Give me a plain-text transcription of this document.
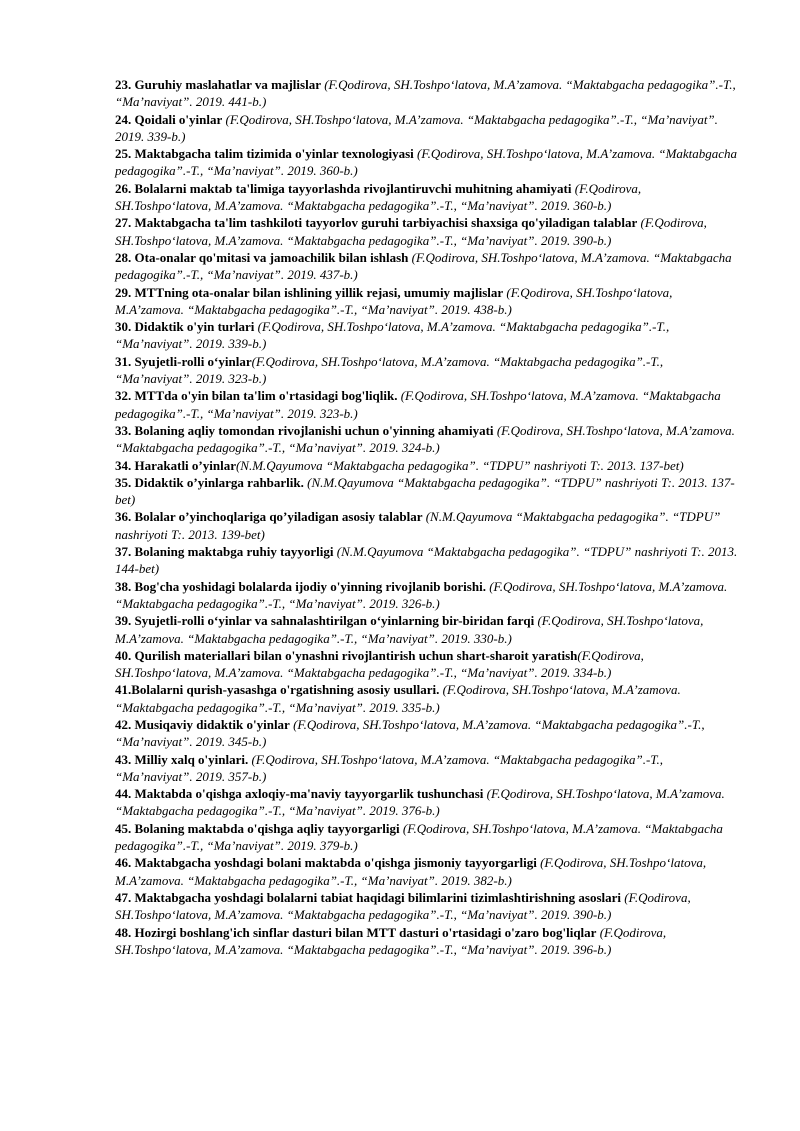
23. Guruhiy maslahatlar va majlislar (F.Qodirova, SH.Toshpo‘latova, M.A’zamova. “Maktabgacha pedagogika”.-T., “Ma’naviyat”. 2019. 441-b.)

24. Qoidali o'yinlar (F.Qodirova, SH.Toshpo‘latova, M.A’zamova. “Maktabgacha pedagogika”.-T., “Ma’naviyat”. 2019. 339-b.)

25. Maktabgacha talim tizimida o'yinlar texnologiyasi (F.Qodirova, SH.Toshpo‘latova, M.A’zamova. “Maktabgacha pedagogika”.-T., “Ma’naviyat”. 2019. 360-b.)

26. Bolalarni maktab ta'limiga tayyorlashda rivojlantiruvchi muhitning ahamiyati (F.Qodirova, SH.Toshpo‘latova, M.A’zamova. “Maktabgacha pedagogika”.-T., “Ma’naviyat”. 2019. 360-b.)

27. Maktabgacha ta'lim tashkiloti tayyorlov guruhi tarbiyachisi shaxsiga qo'yiladigan talablar (F.Qodirova, SH.Toshpo‘latova, M.A’zamova. “Maktabgacha pedagogika”.-T., “Ma’naviyat”. 2019. 390-b.)

28. Ota-onalar qo'mitasi va jamoachilik bilan ishlash (F.Qodirova, SH.Toshpo‘latova, M.A’zamova. “Maktabgacha pedagogika”.-T., “Ma’naviyat”. 2019. 437-b.)

29. MTTning ota-onalar bilan ishlining yillik rejasi, umumiy majlislar (F.Qodirova, SH.Toshpo‘latova, M.A’zamova. “Maktabgacha pedagogika”.-T., “Ma’naviyat”. 2019. 438-b.)

30. Didaktik o'yin turlari (F.Qodirova, SH.Toshpo‘latova, M.A’zamova. “Maktabgacha pedagogika”.-T., “Ma’naviyat”. 2019. 339-b.)

31. Syujetli-rolli o‘yinlar(F.Qodirova, SH.Toshpo‘latova, M.A’zamova. “Maktabgacha pedagogika”.-T., “Ma’naviyat”. 2019. 323-b.)

32. MTTda o'yin bilan ta'lim o'rtasidagi bog'liqlik. (F.Qodirova, SH.Toshpo‘latova, M.A’zamova. “Maktabgacha pedagogika”.-T., “Ma’naviyat”. 2019. 323-b.)

33. Bolaning aqliy tomondan rivojlanishi uchun o'yinning ahamiyati (F.Qodirova, SH.Toshpo‘latova, M.A’zamova. “Maktabgacha pedagogika”.-T., “Ma’naviyat”. 2019. 324-b.)

34. Harakatli o’yinlar(N.M.Qayumova “Maktabgacha pedagogika”. “TDPU” nashriyoti T:. 2013. 137-bet)

35. Didaktik o’yinlarga rahbarlik. (N.M.Qayumova “Maktabgacha pedagogika”. “TDPU” nashriyoti T:. 2013. 137-bet)

36. Bolalar o’yinchoqlariga qo’yiladigan asosiy talablar (N.M.Qayumova “Maktabgacha pedagogika”. “TDPU” nashriyoti T:. 2013. 139-bet)

37. Bolaning maktabga ruhiy tayyorligi (N.M.Qayumova “Maktabgacha pedagogika”. “TDPU” nashriyoti T:. 2013. 144-bet)

38. Bog'cha yoshidagi bolalarda ijodiy o'yinning rivojlanib borishi. (F.Qodirova, SH.Toshpo‘latova, M.A’zamova. “Maktabgacha pedagogika”.-T., “Ma’naviyat”. 2019. 326-b.)

39. Syujetli-rolli o‘yinlar va sahnalashtirilgan o‘yinlarning bir-biridan farqi (F.Qodirova, SH.Toshpo‘latova, M.A’zamova. “Maktabgacha pedagogika”.-T., “Ma’naviyat”. 2019. 330-b.)

40. Qurilish materiallari bilan o'ynashni rivojlantirish uchun shart-sharoit yaratish(F.Qodirova, SH.Toshpo‘latova, M.A’zamova. “Maktabgacha pedagogika”.-T., “Ma’naviyat”. 2019. 334-b.)

41.Bolalarni qurish-yasashga o'rgatishning asosiy usullari. (F.Qodirova, SH.Toshpo‘latova, M.A’zamova. “Maktabgacha pedagogika”.-T., “Ma’naviyat”. 2019. 335-b.)

42. Musiqaviy didaktik o'yinlar (F.Qodirova, SH.Toshpo‘latova, M.A’zamova. “Maktabgacha pedagogika”.-T., “Ma’naviyat”. 2019. 345-b.)

43. Milliy xalq o'yinlari. (F.Qodirova, SH.Toshpo‘latova, M.A’zamova. “Maktabgacha pedagogika”.-T., “Ma’naviyat”. 2019. 357-b.)

44. Maktabda o'qishga axloqiy-ma'naviy tayyorgarlik tushunchasi (F.Qodirova, SH.Toshpo‘latova, M.A’zamova. “Maktabgacha pedagogika”.-T., “Ma’naviyat”. 2019. 376-b.)

45. Bolaning maktabda o'qishga aqliy tayyorgarligi (F.Qodirova, SH.Toshpo‘latova, M.A’zamova. “Maktabgacha pedagogika”.-T., “Ma’naviyat”. 2019. 379-b.)

46. Maktabgacha yoshdagi bolani maktabda o'qishga jismoniy tayyorgarligi (F.Qodirova, SH.Toshpo‘latova, M.A’zamova. “Maktabgacha pedagogika”.-T., “Ma’naviyat”. 2019. 382-b.)

47. Maktabgacha yoshdagi bolalarni tabiat haqidagi bilimlarini tizimlashtirishning asoslari (F.Qodirova, SH.Toshpo‘latova, M.A’zamova. “Maktabgacha pedagogika”.-T., “Ma’naviyat”. 2019. 390-b.)

48. Hozirgi boshlang'ich sinflar dasturi bilan MTT dasturi o'rtasidagi o'zaro bog'liqlar (F.Qodirova, SH.Toshpo‘latova, M.A’zamova. “Maktabgacha pedagogika”.-T., “Ma’naviyat”. 2019. 396-b.)
